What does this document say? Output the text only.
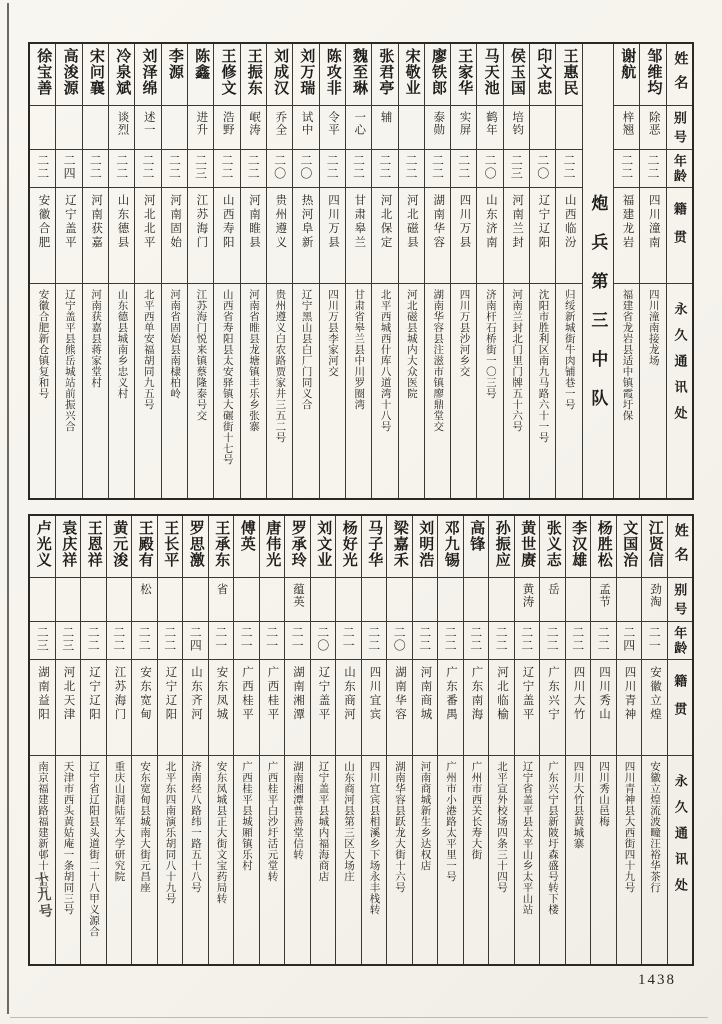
姓名
别号
年龄
籍贯
永久通讯处
邹维均
除恶
二二
四川潼南
四川潼南接龙场
谢航
梓翘
二二
福建龙岩
福建省龙岩县适中镇霞圩保
炮兵第三中队
王惠民
二二
山西临汾
归绥新城街牛肉铺巷一号
印文忠
二〇
辽宁辽阳
沈阳市胜利区南九马路六十一号
侯玉国
培钧
二三
河南兰封
河南兰封北门里门牌五十六号
马天池
鹤年
二〇
山东济南
济南杆石桥街一〇三号
王家华
实屏
二二
四川万县
四川万县沙河乡交
廖铁郎
泰勋
二二
湖南华容
湖南华容县注滋市镇廖鼎堂交
宋敬业
二二
河北磁县
河北磁县城内大众医院
张君亭
辅
二二
河北保定
北平西城西什库八道湾十八号
魏至琳
一心
二二
甘肃皋兰
甘肃省皋兰县中川罗圈湾
陈攻非
令平
二二
四川万县
四川万县李家河交
刘万瑞
试中
二〇
热河阜新
辽宁黑山县白厂门同义合
刘成汉
乔全
二〇
贵州遵义
贵州遵义白农路贾家井三五二号
王振东
岷涛
二二
河南睢县
河南省睢县龙塘镇丰乐乡张寨
王修文
浩野
二二
山西寿阳
山西省寿阳县太安驿镇大碾街十七号
陈鑫
进升
二三
江苏海门
江苏海门悦来镇蔡隆泰号交
李源
二二
河南固始
河南省固始县南棣柏岭
刘泽绵
述一
二二
河北北平
北平西单安福胡同九五号
冷泉斌
谈烈
二二
山东德县
山东德县城南乡忠义村
宋问襄
二二
河南获嘉
河南获嘉县蒋家堂村
高浚源
二四
辽宁盖平
辽宁盖平县熊岳城站前振兴合
徐宝善
二二
安徽合肥
安徽合肥新仓镇复和号
姓名
别号
年龄
籍贯
永久通讯处
江贤信
劲淘
二一
安徽立煌
安徽立煌流波疃汪裕华茶行
文国治
二四
四川青神
四川青神县大西街四十九号
杨胜松
孟节
二二
四川秀山
四川秀山邑梅
李汉雄
二二
四川大竹
四川大竹县黄城寨
张义志
岳
二二
广东兴宁
广东兴宁县新陂圩森盛号转下楼
黄世赓
黄涛
二二
辽宁盖平
辽宁省盖平县太平山乡太平山站
孙振应
二二
河北临榆
北平宣外校场四条三十四号
高锋
二二
广东南海
广州市西关长寿大街
邓九锡
二二
广东番禺
广州市小港路太平里一号
刘明浩
二二
河南商城
河南商城新生乡达权店
梁嘉禾
二〇
湖南华容
湖南华容县跃龙大街十六号
马子华
二二
四川宜宾
四川宜宾县相溪乡下场永丰栈转
杨好光
二一
山东商河
山东商河县第三区大场庄
刘文业
二〇
辽宁盖平
辽宁盖平县城内福海商店
罗承玲
蕴英
二一
湖南湘潭
湖南湘潭普善堂信转
唐伟光
二一
广西桂平
广西桂平白沙圩活元堂转
傅英
二一
广西桂平
广西桂平县城厢镇乐村
王承东
省
二一
安东凤城
安东凤城县正大街文宝药局转
罗思激
二四
山东齐河
济南经八路纬一路五十八号
王长平
二二
辽宁辽阳
北平东四南演乐胡同八十九号
王殿有
松
二二
安东宽甸
安东宽甸县城南大街元昌座
黄元浚
二二
江苏海门
重庆山洞陆军大学研究院
王恩祥
二二
辽宁辽阳
辽宁省辽阳县头道街二十八甲义源合
袁庆祥
二三
河北天津
天津市西头黄姑庵一条胡同三号
卢光义
二三
湖南益阳
南京福建路福建新邨十八号
十九号
1438
